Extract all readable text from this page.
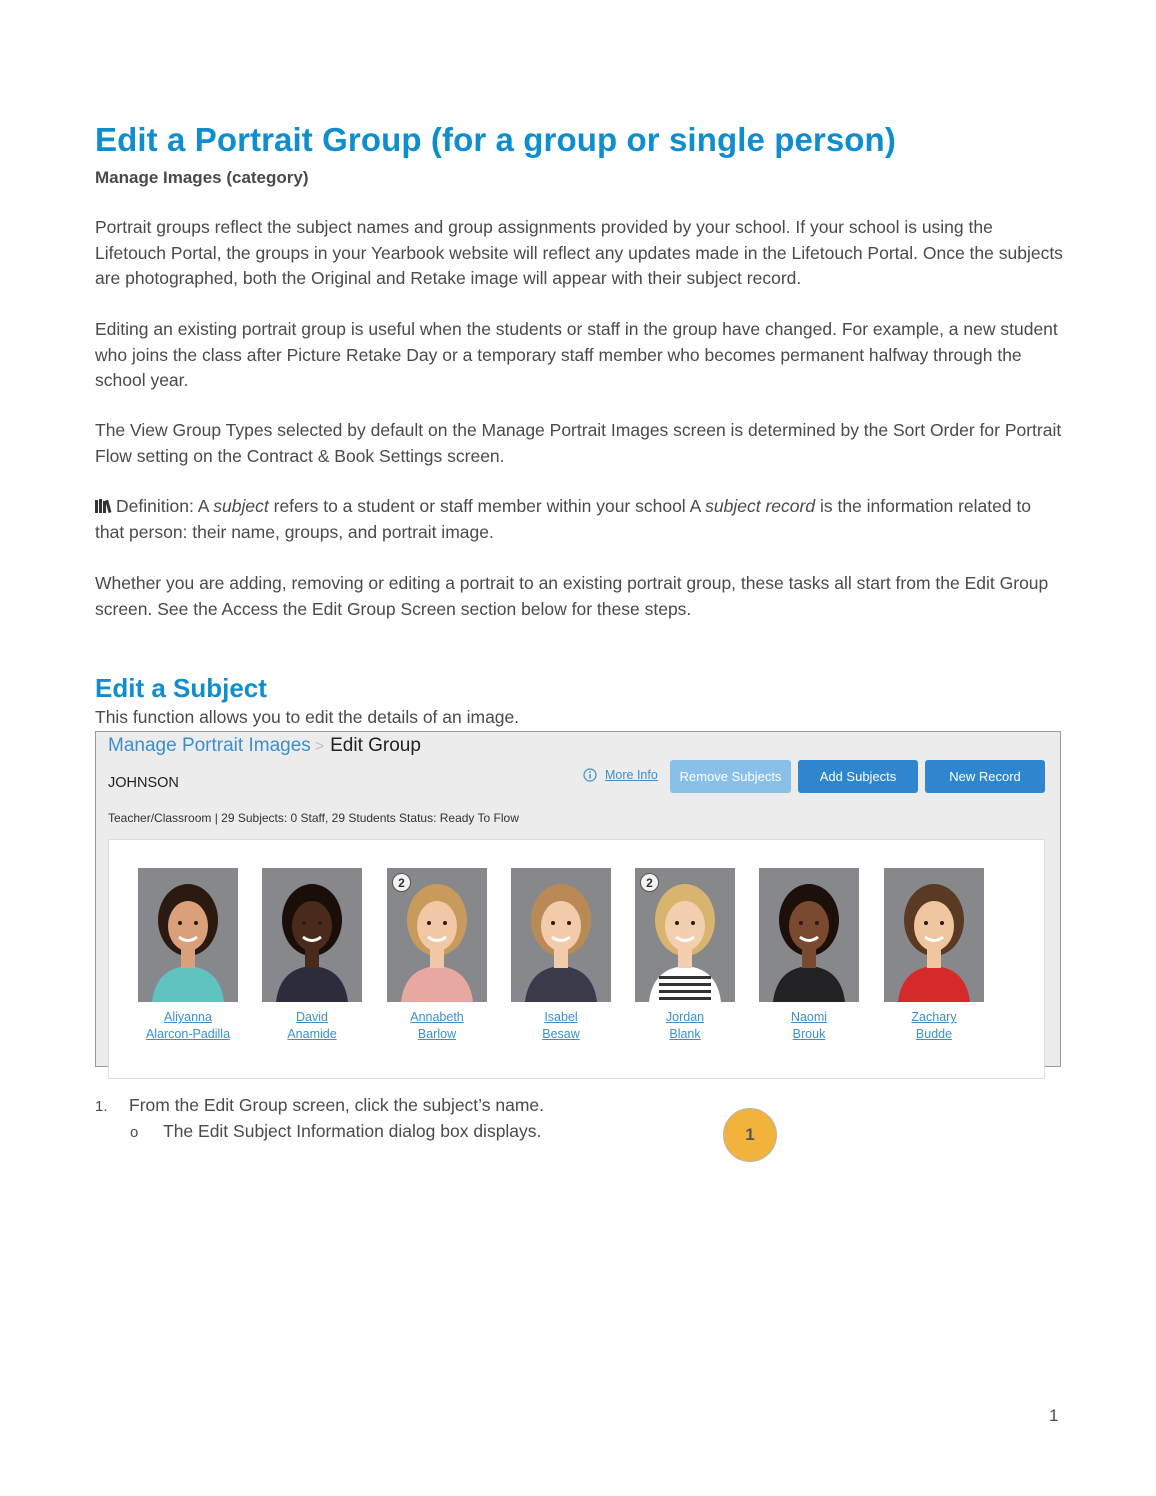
Edit a Portrait Group (for a group or single person)
Manage Images (category)

Portrait groups reflect the subject names and group assignments provided by your school. If your school is using the Lifetouch Portal, the groups in your Yearbook website will reflect any updates made in the Lifetouch Portal. Once the subjects are photographed, both the Original and Retake image will appear with their subject record.

Editing an existing portrait group is useful when the students or staff in the group have changed. For example, a new student who joins the class after Picture Retake Day or a temporary staff member who becomes permanent halfway through the school year.

The View Group Types selected by default on the Manage Portrait Images screen is determined by the Sort Order for Portrait Flow setting on the Contract & Book Settings screen.

Definition: A subject refers to a student or staff member within your school A subject record is the information related to that person: their name, groups, and portrait image.

Whether you are adding, removing or editing a portrait to an existing portrait group, these tasks all start from the Edit Group screen. See the Access the Edit Group Screen section below for these steps.

Edit a Subject
This function allows you to edit the details of an image.
Manage Portrait Images > Edit Group
JOHNSON	More Info	Remove Subjects	Add Subjects	New Record
Teacher/Classroom | 29 Subjects: 0 Staff, 29 Students Status: Ready To Flow
Aliyanna
Alarcon-Padilla
David
Anamide
2
Annabeth
Barlow
Isabel
Besaw
2
Jordan
Blank
Naomi
Brouk
Zachary
Budde
1
1. From the Edit Group screen, click the subject’s name.
o The Edit Subject Information dialog box displays.
1
